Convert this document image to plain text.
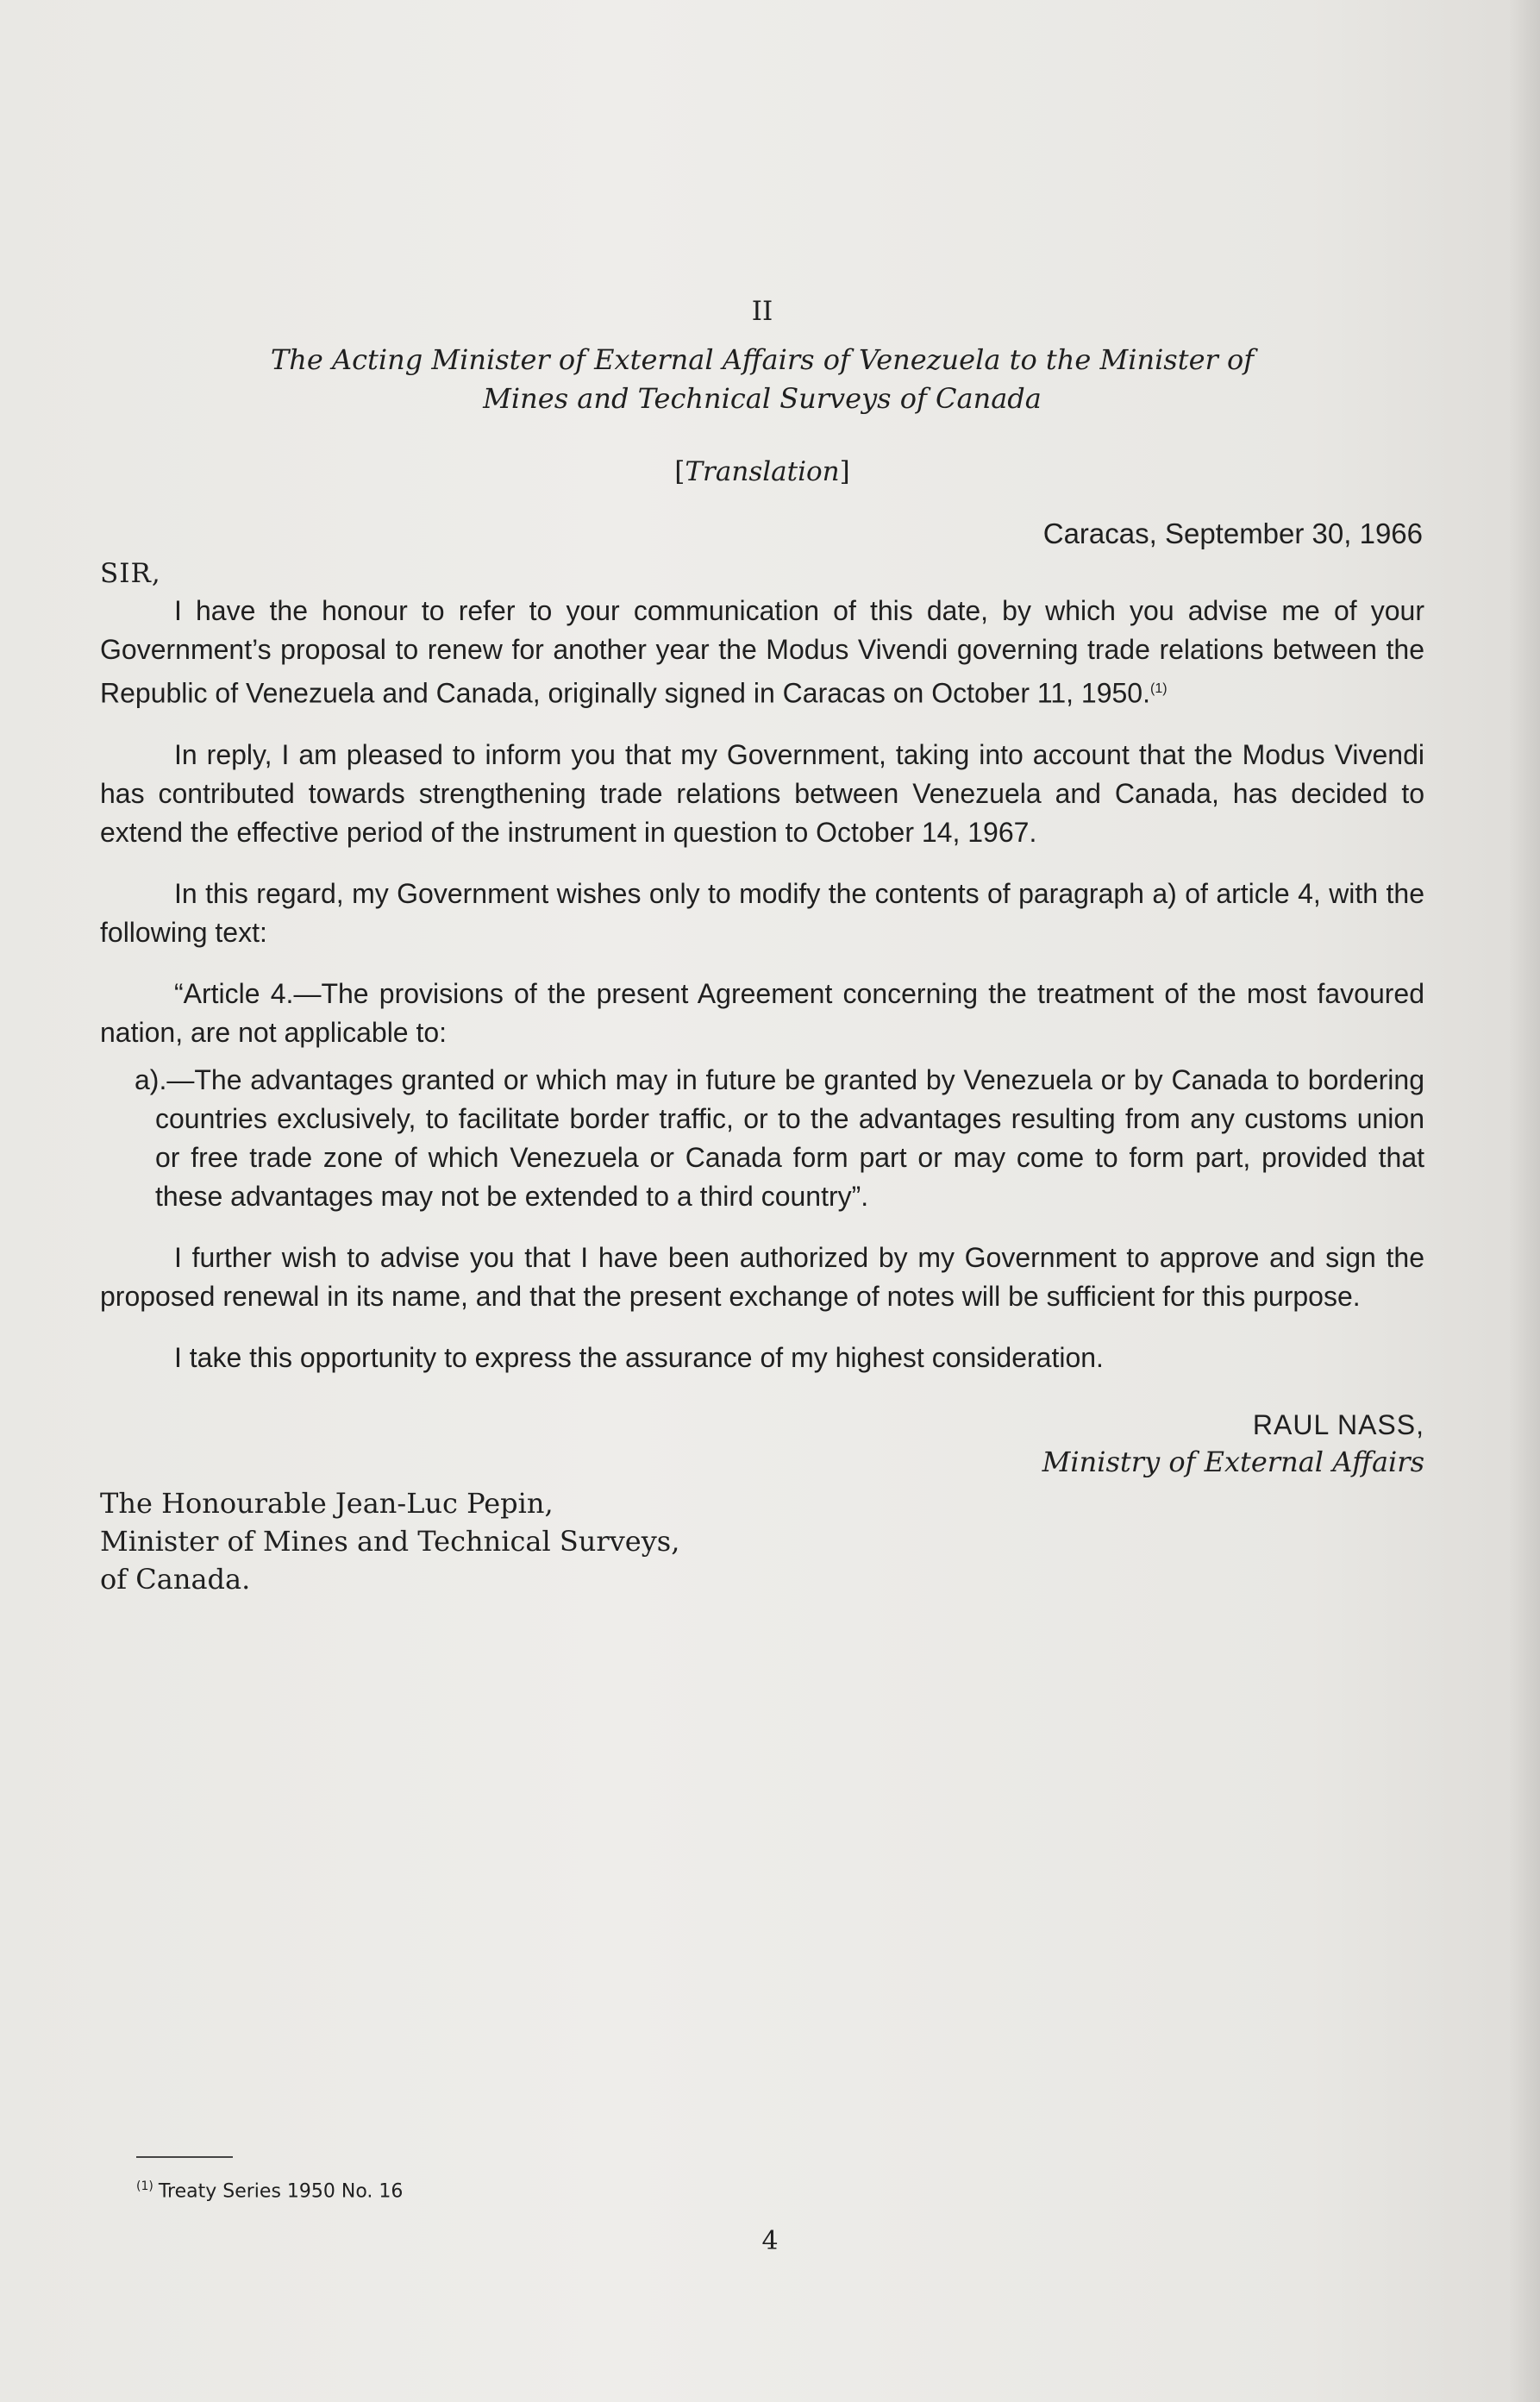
II
The Acting Minister of External Affairs of Venezuela to the Minister of
Mines and Technical Surveys of Canada
[Translation]
Caracas, September 30, 1966
SIR,

I have the honour to refer to your communication of this date, by which you advise me of your Government’s proposal to renew for another year the Modus Vivendi governing trade relations between the Republic of Venezuela and Canada, originally signed in Caracas on October 11, 1950.$^{(1)}$

In reply, I am pleased to inform you that my Government, taking into account that the Modus Vivendi has contributed towards strengthening trade relations between Venezuela and Canada, has decided to extend the effective period of the instrument in question to October 14, 1967.

In this regard, my Government wishes only to modify the contents of paragraph a) of article 4, with the following text:

“Article 4.—The provisions of the present Agreement concerning the treatment of the most favoured nation, are not applicable to:

a).—The advantages granted or which may in future be granted by Venezuela or by Canada to bordering countries exclusively, to facilitate border traffic, or to the advantages resulting from any customs union or free trade zone of which Venezuela or Canada form part or may come to form part, provided that these advantages may not be extended to a third country”.

I further wish to advise you that I have been authorized by my Government to approve and sign the proposed renewal in its name, and that the present exchange of notes will be sufficient for this purpose.

I take this opportunity to express the assurance of my highest consideration.

RAUL NASS,
Ministry of External Affairs
The Honourable Jean-Luc Pepin,
Minister of Mines and Technical Surveys,
of Canada.
$^{(1)}$ Treaty Series 1950 No. 16
4
